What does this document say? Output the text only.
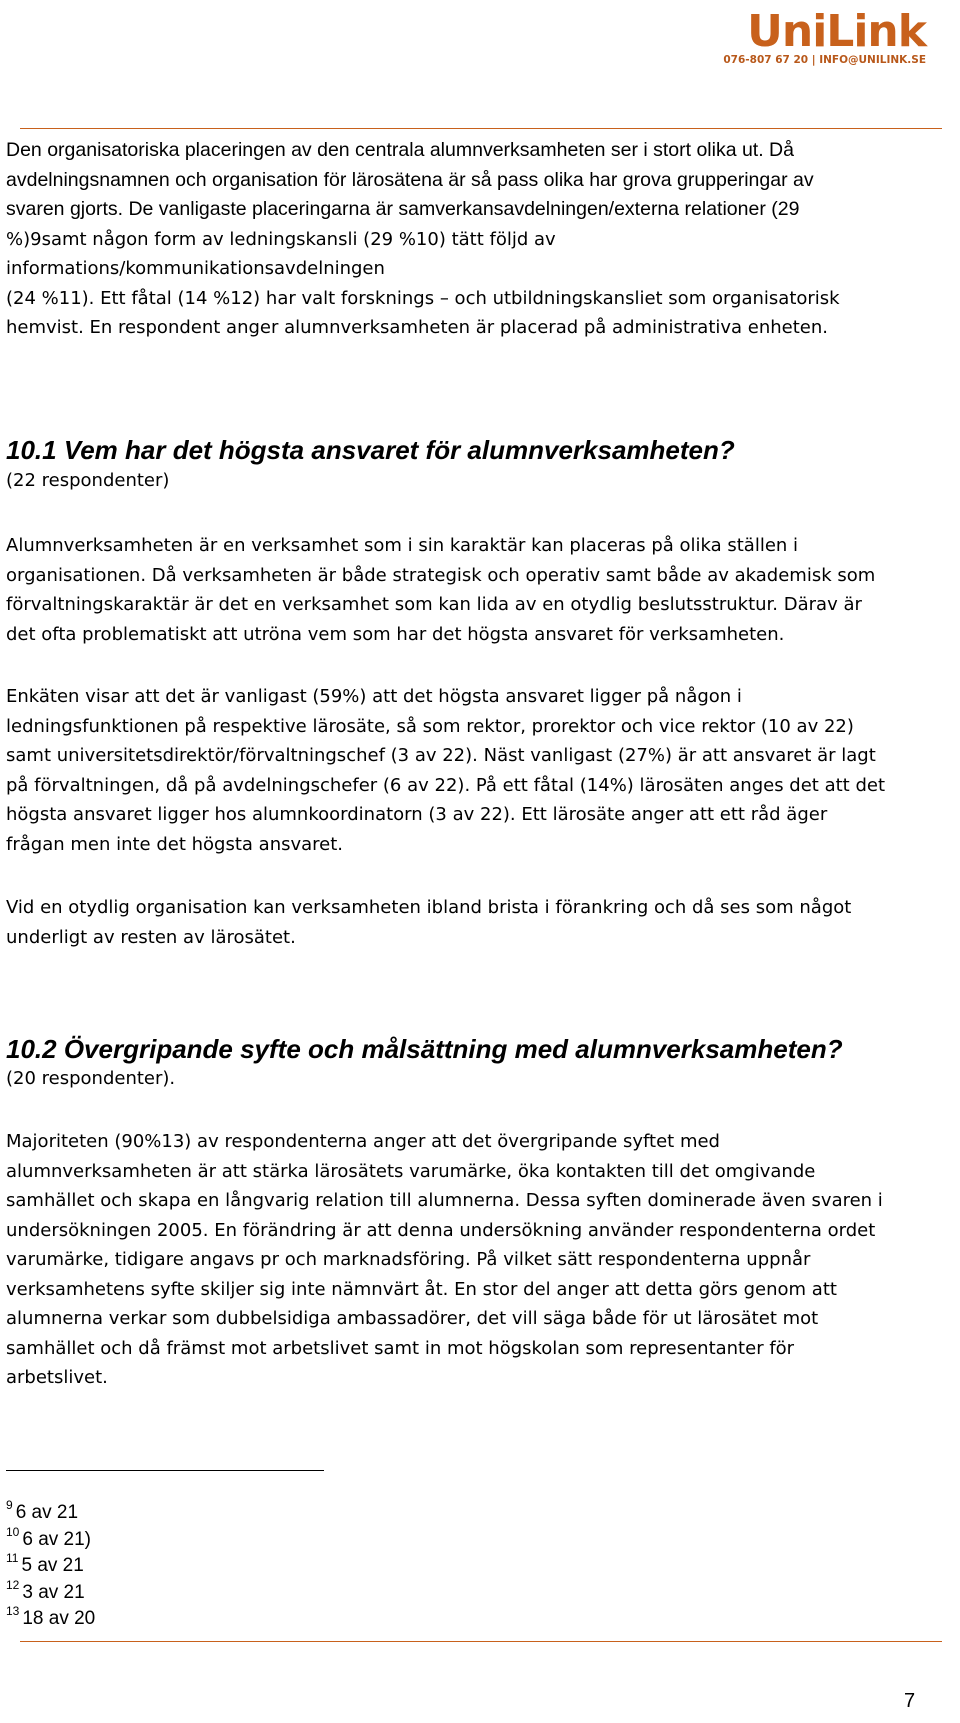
UniLink
076-807 67 20 | INFO@UNILINK.SE

Den organisatoriska placeringen av den centrala alumnverksamheten ser i stort olika ut. Då
avdelningsnamnen och organisation för lärosätena är så pass olika har grova grupperingar av
svaren gjorts. De vanligaste placeringarna är samverkansavdelningen/externa relationer (29
%)9samt någon form av ledningskansli (29 %10) tätt följd av
informations/kommunikationsavdelningen
(24 %11). Ett fåtal (14 %12) har valt forsknings – och utbildningskansliet som organisatorisk
hemvist. En respondent anger alumnverksamheten är placerad på administrativa enheten.

10.1 Vem har det högsta ansvaret för alumnverksamheten?

(22 respondenter)

Alumnverksamheten är en verksamhet som i sin karaktär kan placeras på olika ställen i
organisationen. Då verksamheten är både strategisk och operativ samt både av akademisk som
förvaltningskaraktär är det en verksamhet som kan lida av en otydlig beslutsstruktur. Därav är
det ofta problematiskt att utröna vem som har det högsta ansvaret för verksamheten.

Enkäten visar att det är vanligast (59%) att det högsta ansvaret ligger på någon i
ledningsfunktionen på respektive lärosäte, så som rektor, prorektor och vice rektor (10 av 22)
samt universitetsdirektör/förvaltningschef (3 av 22). Näst vanligast (27%) är att ansvaret är lagt
på förvaltningen, då på avdelningschefer (6 av 22). På ett fåtal (14%) lärosäten anges det att det
högsta ansvaret ligger hos alumnkoordinatorn (3 av 22). Ett lärosäte anger att ett råd äger
frågan men inte det högsta ansvaret.

Vid en otydlig organisation kan verksamheten ibland brista i förankring och då ses som något
underligt av resten av lärosätet.

10.2 Övergripande syfte och målsättning med alumnverksamheten?

(20 respondenter).

Majoriteten (90%13) av respondenterna anger att det övergripande syftet med
alumnverksamheten är att stärka lärosätets varumärke, öka kontakten till det omgivande
samhället och skapa en långvarig relation till alumnerna. Dessa syften dominerade även svaren i
undersökningen 2005. En förändring är att denna undersökning använder respondenterna ordet
varumärke, tidigare angavs pr och marknadsföring. På vilket sätt respondenterna uppnår
verksamhetens syfte skiljer sig inte nämnvärt åt. En stor del anger att detta görs genom att
alumnerna verkar som dubbelsidiga ambassadörer, det vill säga både för ut lärosätet mot
samhället och då främst mot arbetslivet samt in mot högskolan som representanter för
arbetslivet.

$^9$ 6 av 21
$^{10}$ 6 av 21)
$^{11}$ 5 av 21
$^{12}$ 3 av 21
$^{13}$ 18 av 20
7
